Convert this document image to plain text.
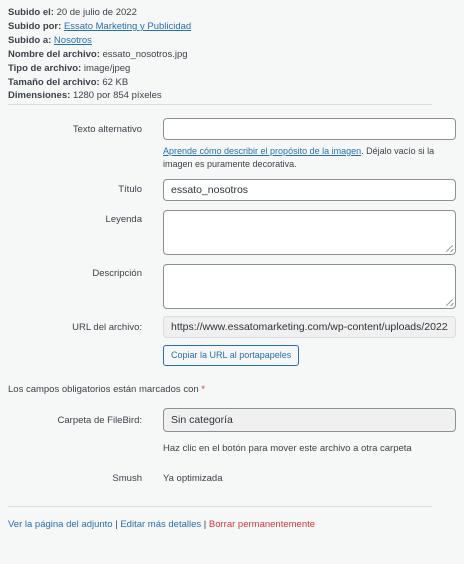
Subido el: 20 de julio de 2022
Subido por: Essato Marketing y Publicidad
Subido a: Nosotros
Nombre del archivo: essato_nosotros.jpg
Tipo de archivo: image/jpeg
Tamaño del archivo: 62 KB
Dimensiones: 1280 por 854 píxeles
Texto alternativo
Aprende cómo describir el propósito de la imagen. Déjalo vacío si la imagen es puramente decorativa.
Título
essato_nosotros
Leyenda
Descripción
URL del archivo:
https://www.essatomarketing.com/wp-content/uploads/2022/07/essato_nosotros.jpg
Copiar la URL al portapapeles
Los campos obligatorios están marcados con *
Carpeta de FileBird:	Sin categoría
Haz clic en el botón para mover este archivo a otra carpeta
Smush Ya optimizada
Ver la página del adjunto | Editar más detalles | Borrar permanentemente
